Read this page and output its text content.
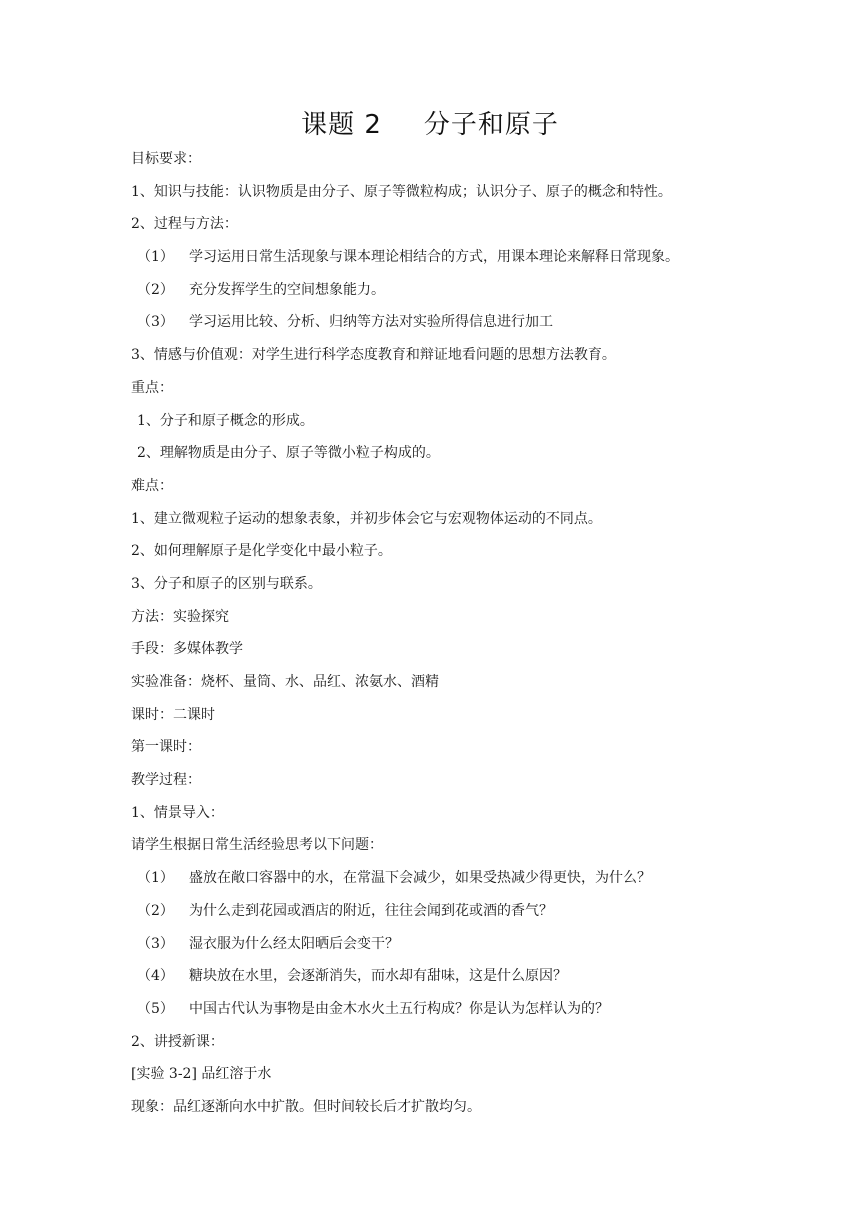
课题 2 分子和原子
目标要求：
1、知识与技能：认识物质是由分子、原子等微粒构成；认识分子、原子的概念和特性。
2、过程与方法：
（1） 学习运用日常生活现象与课本理论相结合的方式，用课本理论来解释日常现象。
（2） 充分发挥学生的空间想象能力。
（3） 学习运用比较、分析、归纳等方法对实验所得信息进行加工
3、情感与价值观：对学生进行科学态度教育和辩证地看问题的思想方法教育。
重点：
1、分子和原子概念的形成。
2、理解物质是由分子、原子等微小粒子构成的。
难点：
1、建立微观粒子运动的想象表象，并初步体会它与宏观物体运动的不同点。
2、如何理解原子是化学变化中最小粒子。
3、分子和原子的区别与联系。
方法：实验探究
手段：多媒体教学
实验准备：烧杯、量筒、水、品红、浓氨水、酒精
课时：二课时
第一课时：
教学过程：
1、情景导入：
请学生根据日常生活经验思考以下问题：
（1） 盛放在敞口容器中的水，在常温下会减少，如果受热减少得更快，为什么？
（2） 为什么走到花园或酒店的附近，往往会闻到花或酒的香气？
（3） 湿衣服为什么经太阳晒后会变干？
（4） 糖块放在水里，会逐渐消失，而水却有甜味，这是什么原因？
（5） 中国古代认为事物是由金木水火土五行构成？你是认为怎样认为的？
2、讲授新课：
[实验 3-2] 品红溶于水
现象：品红逐渐向水中扩散。但时间较长后才扩散均匀。
